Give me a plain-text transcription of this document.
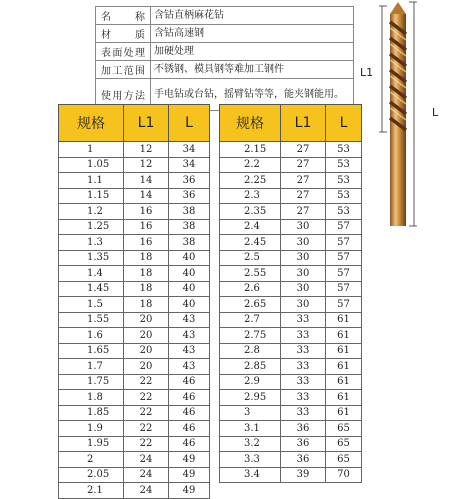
名称	含钴直柄麻花钻
材质	含钴高速钢
表面处理	加硬处理
加工范围	不锈钢、模具钢等难加工钢件
使用方法	手电钻或台钻，摇臂钻等等，能夹钢能用。
规格	L1	L
1	12	34
1.05	12	34
1.1	14	36
1.15	14	36
1.2	16	38
1.25	16	38
1.3	16	38
1.35	18	40
1.4	18	40
1.45	18	40
1.5	18	40
1.55	20	43
1.6	20	43
1.65	20	43
1.7	20	43
1.75	22	46
1.8	22	46
1.85	22	46
1.9	22	46
1.95	22	46
2	24	49
2.05	24	49
2.1	24	49
规格	L1	L
2.15	27	53
2.2	27	53
2.25	27	53
2.3	27	53
2.35	27	53
2.4	30	57
2.45	30	57
2.5	30	57
2.55	30	57
2.6	30	57
2.65	30	57
2.7	33	61
2.75	33	61
2.8	33	61
2.85	33	61
2.9	33	61
2.95	33	61
3	33	61
3.1	36	65
3.2	36	65
3.3	36	65
3.4	39	70
L1
L
